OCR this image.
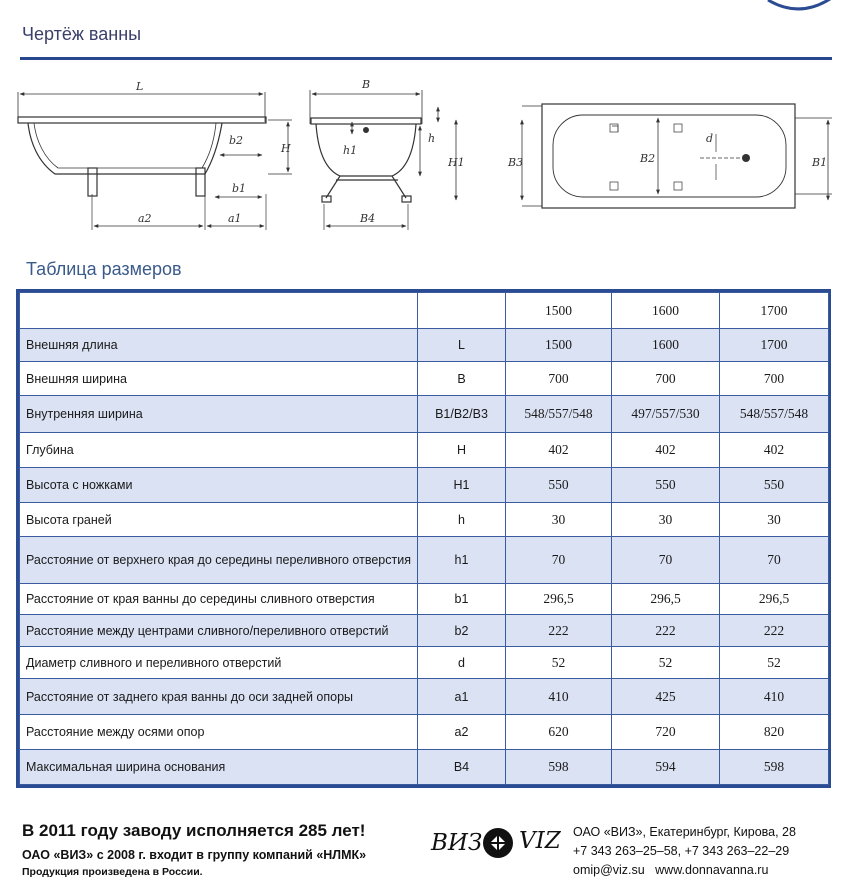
Чертёж ванны
L	B
H
b1
b2
a2	a1	B4
h1
h
H1	B3	B2
d
B1
Таблица размеров
		1500	1600	1700

Внешняя длина	L	1500	1600	1700

Внешняя ширина	B	700	700	700

Внутренняя ширина	B1/B2/B3	548/557/548	497/557/530	548/557/548

Глубина	H	402	402	402

Высота с ножками	H1	550	550	550

Высота граней	h	30	30	30

Расстояние от верхнего края до середины переливного отверстия	h1	70	70	70

Расстояние от края ванны до середины сливного отверстия	b1	296,5	296,5	296,5

Расстояние между центрами сливного/переливного отверстий	b2	222	222	222

Диаметр сливного и переливного отверстий	d	52	52	52

Расстояние от заднего края ванны до оси задней опоры	a1	410	425	410

Расстояние между осями опор	a2	620	720	820

Максимальная ширина основания	B4	598	594	598
В 2011 году заводу исполняется 285 лет!
ОАО «ВИЗ» с 2008 г. входит в группу компаний «НЛМК»
Продукция произведена в России.
ВИЗ VIZ ОАО «ВИЗ», Екатеринбург, Кирова, 28
+7 343 263–25–58, +7 343 263–22–29
omip@viz.su   www.donnavanna.ru
